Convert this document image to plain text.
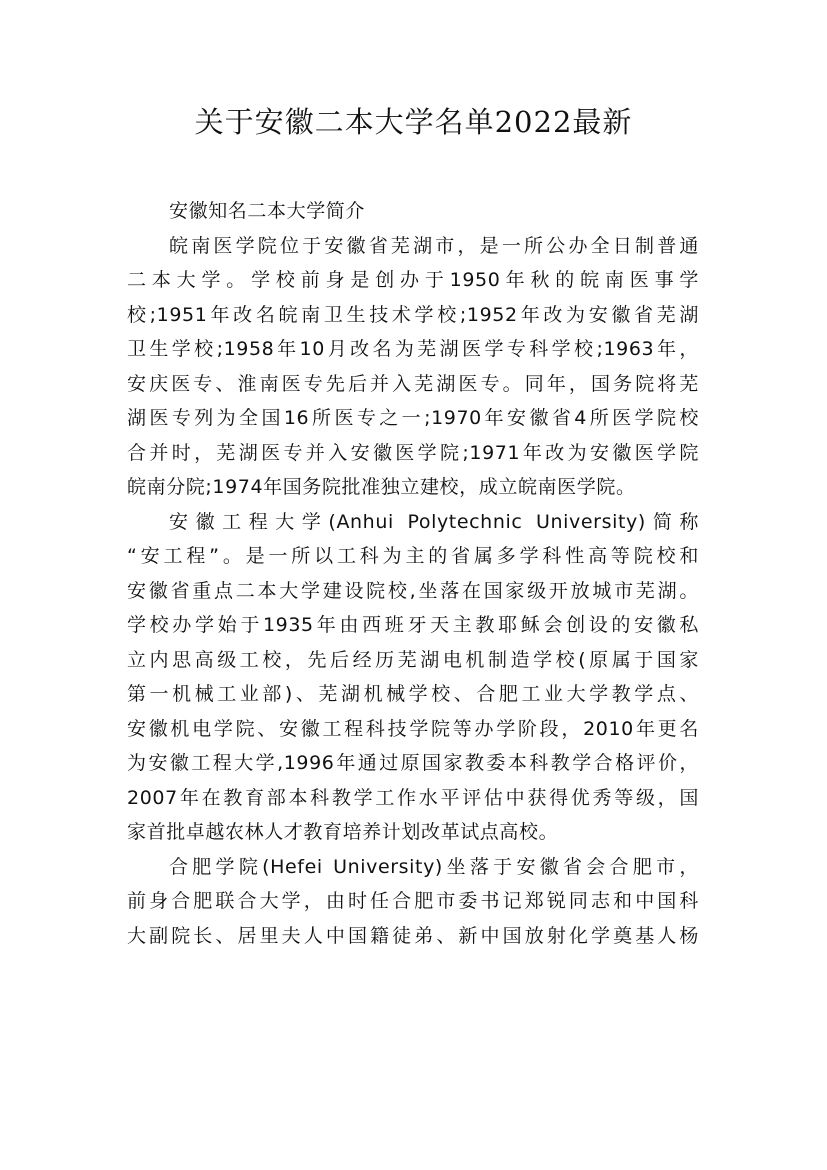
关于安徽二本大学名单2022最新
安徽知名二本大学简介
皖南医学院位于安徽省芜湖市，是一所公办全日制普通
二本大学。学校前身是创办于1950年秋的皖南医事学
校;1951年改名皖南卫生技术学校;1952年改为安徽省芜湖
卫生学校;1958年10月改名为芜湖医学专科学校;1963年，
安庆医专、淮南医专先后并入芜湖医专。同年，国务院将芜
湖医专列为全国16所医专之一;1970年安徽省4所医学院校
合并时，芜湖医专并入安徽医学院;1971年改为安徽医学院
皖南分院;1974年国务院批准独立建校，成立皖南医学院。
安徽工程大学(Anhui Polytechnic University)简称
“安工程”。是一所以工科为主的省属多学科性高等院校和
安徽省重点二本大学建设院校,坐落在国家级开放城市芜湖。
学校办学始于1935年由西班牙天主教耶稣会创设的安徽私
立内思高级工校，先后经历芜湖电机制造学校(原属于国家
第一机械工业部)、芜湖机械学校、合肥工业大学教学点、
安徽机电学院、安徽工程科技学院等办学阶段，2010年更名
为安徽工程大学,1996年通过原国家教委本科教学合格评价，
2007年在教育部本科教学工作水平评估中获得优秀等级，国
家首批卓越农林人才教育培养计划改革试点高校。
合肥学院(Hefei University)坐落于安徽省会合肥市，
前身合肥联合大学，由时任合肥市委书记郑锐同志和中国科
大副院长、居里夫人中国籍徒弟、新中国放射化学奠基人杨
